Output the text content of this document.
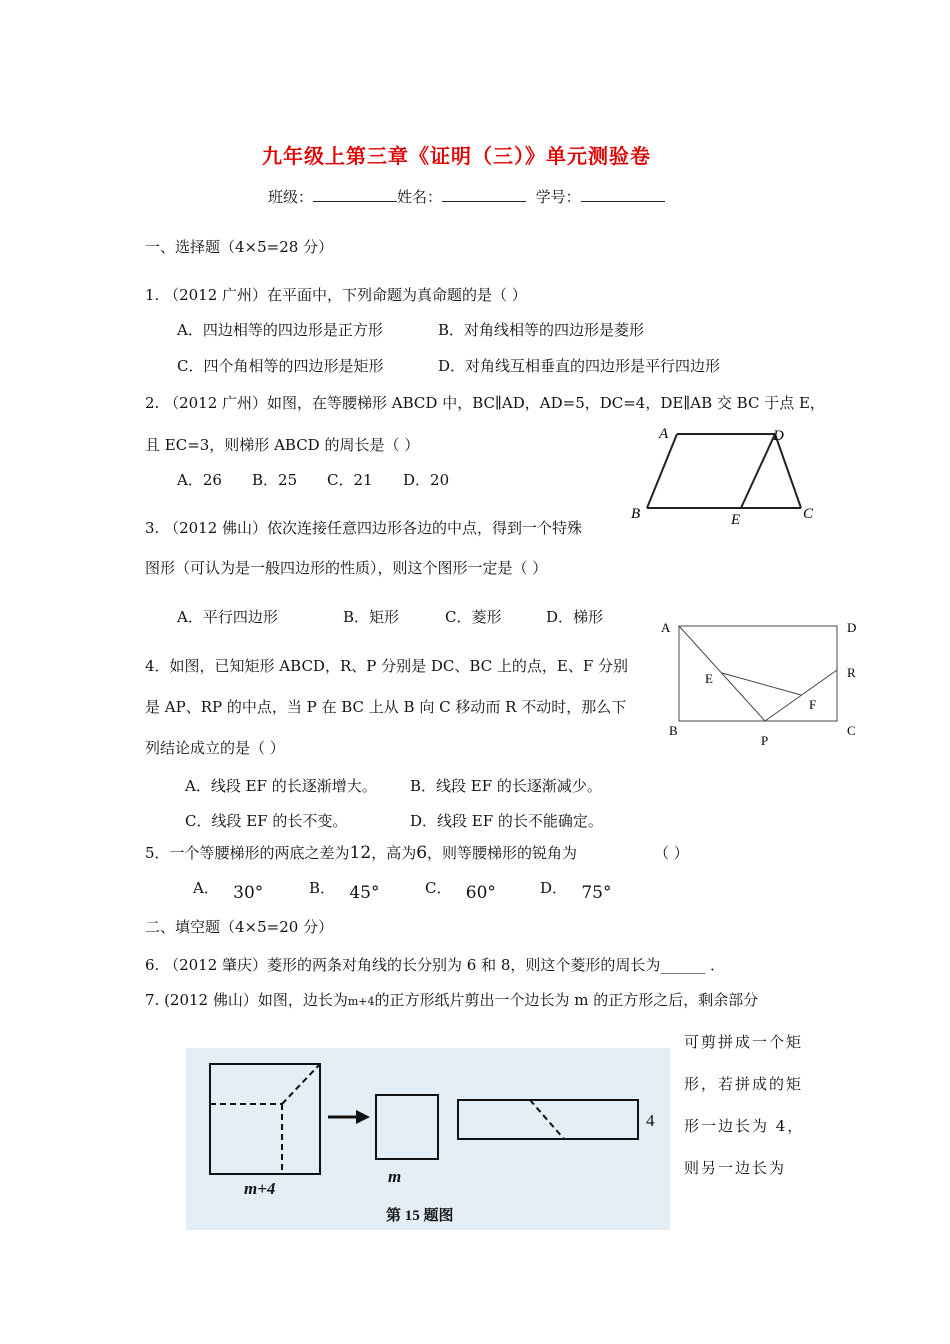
九年级上第三章《证明（三）》单元测验卷
班级：	姓名：	学号：
一、选择题（4×5=28 分）
1. （2012 广州）在平面中，下列命题为真命题的是（ ）
A．四边相等的四边形是正方形	B．对角线相等的四边形是菱形
C．四个角相等的四边形是矩形	D．对角线互相垂直的四边形是平行四边形
2. （2012 广州）如图，在等腰梯形 ABCD 中，BC∥AD，AD=5，DC=4，DE∥AB 交 BC 于点 E，
且 EC=3，则梯形 ABCD 的周长是（ ）
A．26 B．25 C．21 D．20
A	D
B	E	C
3. （2012 佛山）依次连接任意四边形各边的中点，得到一个特殊
图形（可认为是一般四边形的性质），则这个图形一定是（ ）
A．平行四边形	B．矩形	C．菱形	D．梯形
A	D
R
E
F
B
P
C
4．如图，已知矩形 ABCD，R、P 分别是 DC、BC 上的点，E、F 分别
是 AP、RP 的中点，当 P 在 BC 上从 B 向 C 移动而 R 不动时，那么下
列结论成立的是（ ）
A．线段 EF 的长逐渐增大。 B．线段 EF 的长逐渐减少。
C．线段 EF 的长不变。	D．线段 EF 的长不能确定。
5．一个等腰梯形的两底之差为12，高为6，则等腰梯形的锐角为	（ ）
A． 30°	B． 45°	C． 60°	D． 75°
二、填空题（4×5=20 分）
6. （2012 肇庆）菱形的两条对角线的长分别为 6 和 8，则这个菱形的周长为______ ．
7. (2012 佛山）如图，边长为m+4的正方形纸片剪出一个边长为 m 的正方形之后，剩余部分
可剪拼成一个矩
形，若拼成的矩
形一边长为 4，
则另一边长为
m+4
m
4
第 15 题图
